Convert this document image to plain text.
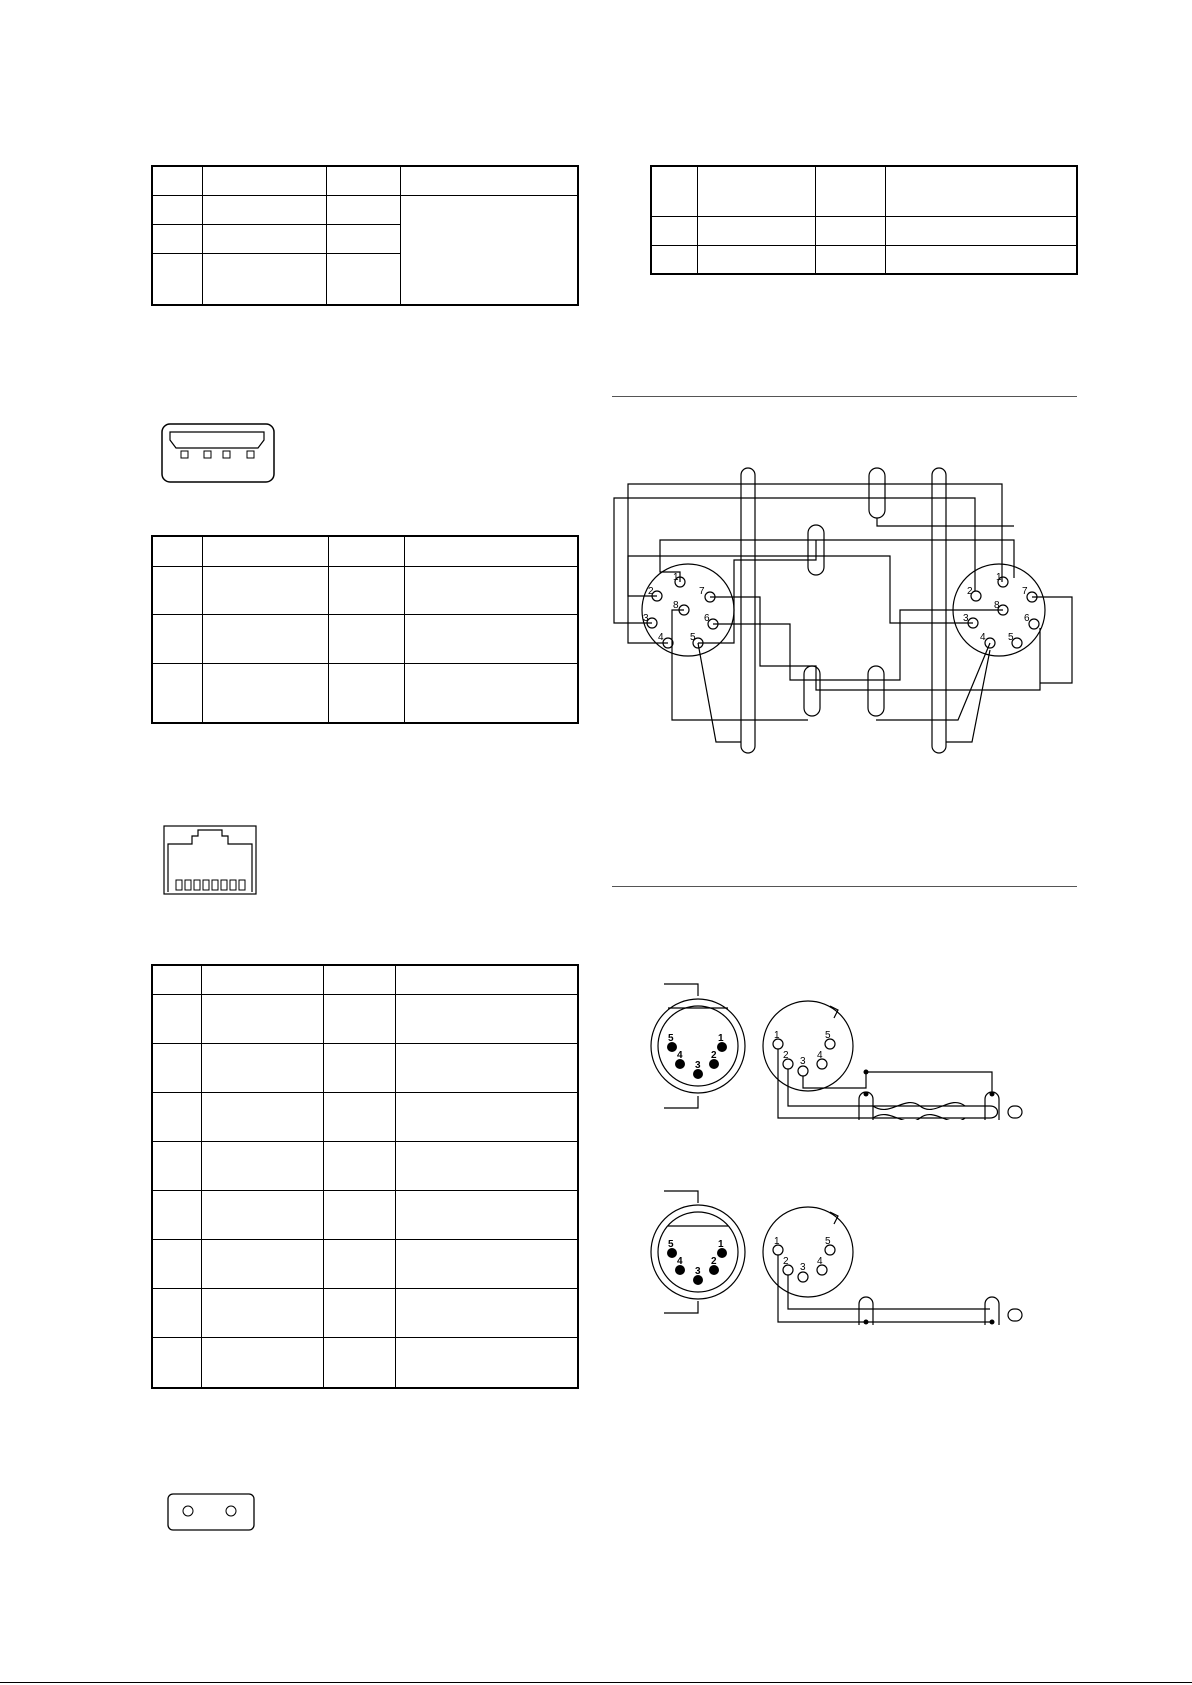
1
2	7
8
3	6
4	5
1
2	7
8
3	6
4 5
5	1
4	2
3
1	5
2	4
3
5	1
4	2
3
1	5
2	4
3
